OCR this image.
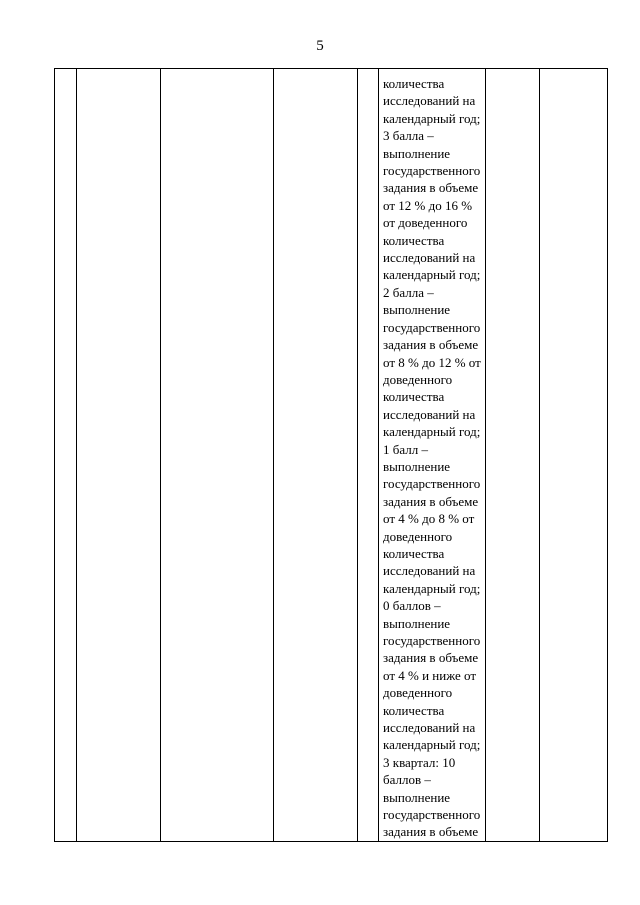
5

количества
исследований на
календарный год;
3 балла –
выполнение
государственного
задания в объеме
от 12 % до 16 %
от доведенного
количества
исследований на
календарный год;
2 балла –
выполнение
государственного
задания в объеме
от 8 % до 12 % от
доведенного
количества
исследований на
календарный год;
1 балл –
выполнение
государственного
задания в объеме
от 4 % до 8 % от
доведенного
количества
исследований на
календарный год;
0 баллов –
выполнение
государственного
задания в объеме
от 4 % и ниже от
доведенного
количества
исследований на
календарный год;
3 квартал: 10
баллов –
выполнение
государственного
задания в объеме
